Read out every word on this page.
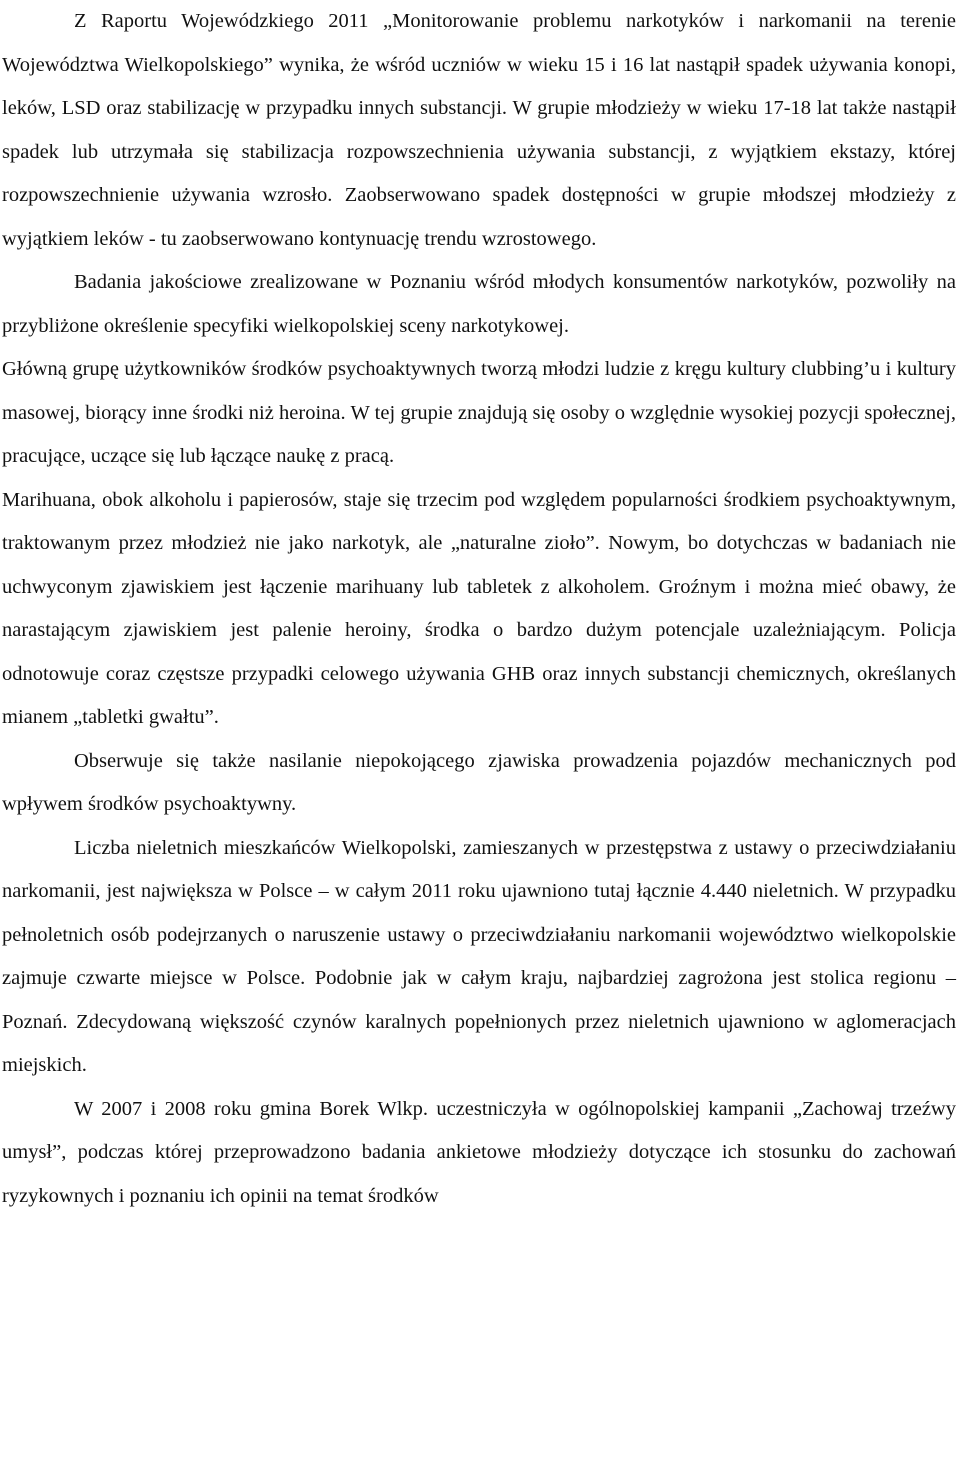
Z Raportu Wojewódzkiego 2011 „Monitorowanie problemu narkotyków i narkomanii na terenie Województwa Wielkopolskiego” wynika, że wśród uczniów w wieku 15 i 16 lat nastąpił spadek używania konopi, leków, LSD oraz stabilizację w przypadku innych substancji. W grupie młodzieży w wieku 17-18 lat także nastąpił spadek lub utrzymała się stabilizacja rozpowszechnienia używania substancji, z wyjątkiem ekstazy, której rozpowszechnienie używania wzrosło. Zaobserwowano spadek dostępności w grupie młodszej młodzieży z wyjątkiem leków - tu zaobserwowano kontynuację trendu wzrostowego.

Badania jakościowe zrealizowane w Poznaniu wśród młodych konsumentów narkotyków, pozwoliły na przybliżone określenie specyfiki wielkopolskiej sceny narkotykowej.

Główną grupę użytkowników środków psychoaktywnych tworzą młodzi ludzie z kręgu kultury clubbing’u i kultury masowej, biorący inne środki niż heroina. W tej grupie znajdują się osoby o względnie wysokiej pozycji społecznej, pracujące, uczące się lub łączące naukę z pracą.

Marihuana, obok alkoholu i papierosów, staje się trzecim pod względem popularności środkiem psychoaktywnym, traktowanym przez młodzież nie jako narkotyk, ale „naturalne zioło”. Nowym, bo dotychczas w badaniach nie uchwyconym zjawiskiem jest łączenie marihuany lub tabletek z alkoholem. Groźnym i można mieć obawy, że narastającym zjawiskiem jest palenie heroiny, środka o bardzo dużym potencjale uzależniającym. Policja odnotowuje coraz częstsze przypadki celowego używania GHB oraz innych substancji chemicznych, określanych mianem „tabletki gwałtu”.

Obserwuje się także nasilanie niepokojącego zjawiska prowadzenia pojazdów mechanicznych pod wpływem środków psychoaktywny.

Liczba nieletnich mieszkańców Wielkopolski, zamieszanych w przestępstwa z ustawy o przeciwdziałaniu narkomanii, jest największa w Polsce – w całym 2011 roku ujawniono tutaj łącznie 4.440 nieletnich. W przypadku pełnoletnich osób podejrzanych o naruszenie ustawy o przeciwdziałaniu narkomanii województwo wielkopolskie zajmuje czwarte miejsce w Polsce. Podobnie jak w całym kraju, najbardziej zagrożona jest stolica regionu – Poznań. Zdecydowaną większość czynów karalnych popełnionych przez nieletnich ujawniono w aglomeracjach miejskich.

W 2007 i 2008 roku gmina Borek Wlkp. uczestniczyła w ogólnopolskiej kampanii „Zachowaj trzeźwy umysł”, podczas której przeprowadzono badania ankietowe młodzieży dotyczące ich stosunku do zachowań ryzykownych i poznaniu ich opinii na temat środków
